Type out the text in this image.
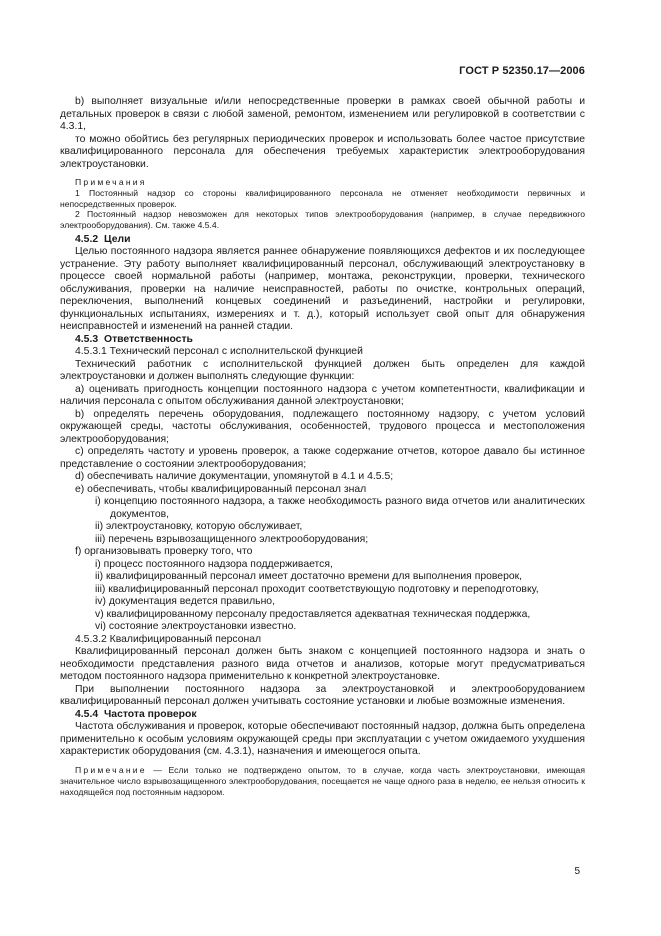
ГОСТ Р 52350.17—2006

b) выполняет визуальные и/или непосредственные проверки в рамках своей обычной работы и детальных проверок в связи с любой заменой, ремонтом, изменением или регулировкой в соответствии с 4.3.1,

то можно обойтись без регулярных периодических проверок и использовать более частое присутствие квалифицированного персонала для обеспечения требуемых характеристик электрооборудования электроустановки.

Примечания

1 Постоянный надзор со стороны квалифицированного персонала не отменяет необходимости первичных и непосредственных проверок.

2 Постоянный надзор невозможен для некоторых типов электрооборудования (например, в случае передвижного электрооборудования). См. также 4.5.4.

4.5.2 Цели

Целью постоянного надзора является раннее обнаружение появляющихся дефектов и их последующее устранение. Эту работу выполняет квалифицированный персонал, обслуживающий электроустановку в процессе своей нормальной работы (например, монтажа, реконструкции, проверки, технического обслуживания, проверки на наличие неисправностей, работы по очистке, контрольных операций, переключения, выполнений концевых соединений и разъединений, настройки и регулировки, функциональных испытаниях, измерениях и т. д.), который использует свой опыт для обнаружения неисправностей и изменений на ранней стадии.

4.5.3 Ответственность

4.5.3.1 Технический персонал с исполнительской функцией

Технический работник с исполнительской функцией должен быть определен для каждой электроустановки и должен выполнять следующие функции:

a) оценивать пригодность концепции постоянного надзора с учетом компетентности, квалификации и наличия персонала с опытом обслуживания данной электроустановки;

b) определять перечень оборудования, подлежащего постоянному надзору, с учетом условий окружающей среды, частоты обслуживания, особенностей, трудового процесса и местоположения электрооборудования;

c) определять частоту и уровень проверок, а также содержание отчетов, которое давало бы истинное представление о состоянии электрооборудования;

d) обеспечивать наличие документации, упомянутой в 4.1 и 4.5.5;

e) обеспечивать, чтобы квалифицированный персонал знал

i) концепцию постоянного надзора, а также необходимость разного вида отчетов или аналитических документов,

ii) электроустановку, которую обслуживает,

iii) перечень взрывозащищенного электрооборудования;

f) организовывать проверку того, что

i) процесс постоянного надзора поддерживается,

ii) квалифицированный персонал имеет достаточно времени для выполнения проверок,

iii) квалифицированный персонал проходит соответствующую подготовку и переподготовку,

iv) документация ведется правильно,

v) квалифицированному персоналу предоставляется адекватная техническая поддержка,

vi) состояние электроустановки известно.

4.5.3.2 Квалифицированный персонал

Квалифицированный персонал должен быть знаком с концепцией постоянного надзора и знать о необходимости представления разного вида отчетов и анализов, которые могут предусматриваться методом постоянного надзора применительно к конкретной электроустановке.

При выполнении постоянного надзора за электроустановкой и электрооборудованием квалифицированный персонал должен учитывать состояние установки и любые возможные изменения.

4.5.4 Частота проверок

Частота обслуживания и проверок, которые обеспечивают постоянный надзор, должна быть определена применительно к особым условиям окружающей среды при эксплуатации с учетом ожидаемого ухудшения характеристик оборудования (см. 4.3.1), назначения и имеющегося опыта.

Примечание — Если только не подтверждено опытом, то в случае, когда часть электроустановки, имеющая значительное число взрывозащищенного электрооборудования, посещается не чаще одного раза в неделю, ее нельзя относить к находящейся под постоянным надзором.

5
